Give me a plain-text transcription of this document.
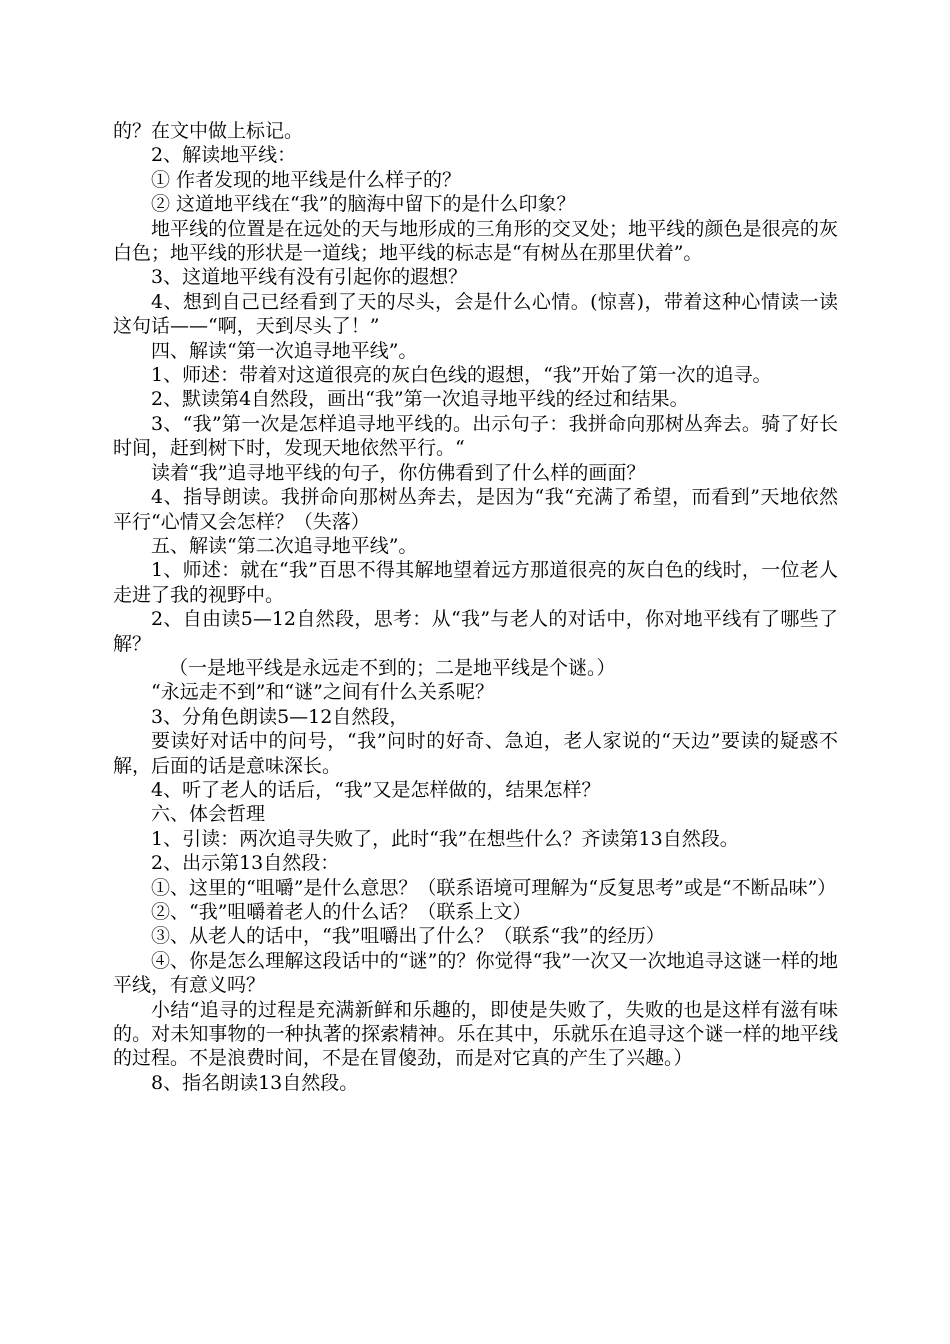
的？在文中做上标记。

2、解读地平线：

① 作者发现的地平线是什么样子的？

② 这道地平线在“我”的脑海中留下的是什么印象？

地平线的位置是在远处的天与地形成的三角形的交叉处；地平线的颜色是很亮的灰白色；地平线的形状是一道线；地平线的标志是“有树丛在那里伏着”。

3、这道地平线有没有引起你的遐想？

4、想到自己已经看到了天的尽头，会是什么心情。(惊喜)，带着这种心情读一读这句话——“啊，天到尽头了！”

四、解读“第一次追寻地平线”。

1、师述：带着对这道很亮的灰白色线的遐想，“我”开始了第一次的追寻。

2、默读第4自然段，画出“我”第一次追寻地平线的经过和结果。

3、“我”第一次是怎样追寻地平线的。出示句子：我拼命向那树丛奔去。骑了好长时间，赶到树下时，发现天地依然平行。“

读着“我”追寻地平线的句子，你仿佛看到了什么样的画面？

4、指导朗读。我拼命向那树丛奔去，是因为“我“充满了希望，而看到”天地依然平行“心情又会怎样？（失落）

五、解读“第二次追寻地平线”。

1、师述：就在“我”百思不得其解地望着远方那道很亮的灰白色的线时，一位老人走进了我的视野中。

2、自由读5—12自然段，思考：从“我”与老人的对话中，你对地平线有了哪些了解？

（一是地平线是永远走不到的；二是地平线是个谜。）

“永远走不到”和“谜”之间有什么关系呢？

3、分角色朗读5—12自然段，

要读好对话中的问号，“我”问时的好奇、急迫，老人家说的“天边”要读的疑惑不解，后面的话是意味深长。

4、听了老人的话后，“我”又是怎样做的，结果怎样？

六、体会哲理

1、引读：两次追寻失败了，此时“我”在想些什么？齐读第13自然段。

2、出示第13自然段：

①、这里的“咀嚼”是什么意思？（联系语境可理解为“反复思考”或是“不断品味”）

②、“我”咀嚼着老人的什么话？（联系上文）

③、从老人的话中，“我”咀嚼出了什么？（联系“我”的经历）

④、你是怎么理解这段话中的“谜”的？你觉得“我”一次又一次地追寻这谜一样的地平线，有意义吗？

小结“追寻的过程是充满新鲜和乐趣的，即使是失败了，失败的也是这样有滋有味的。对未知事物的一种执著的探索精神。乐在其中，乐就乐在追寻这个谜一样的地平线的过程。不是浪费时间，不是在冒傻劲，而是对它真的产生了兴趣。）

8、指名朗读13自然段。
